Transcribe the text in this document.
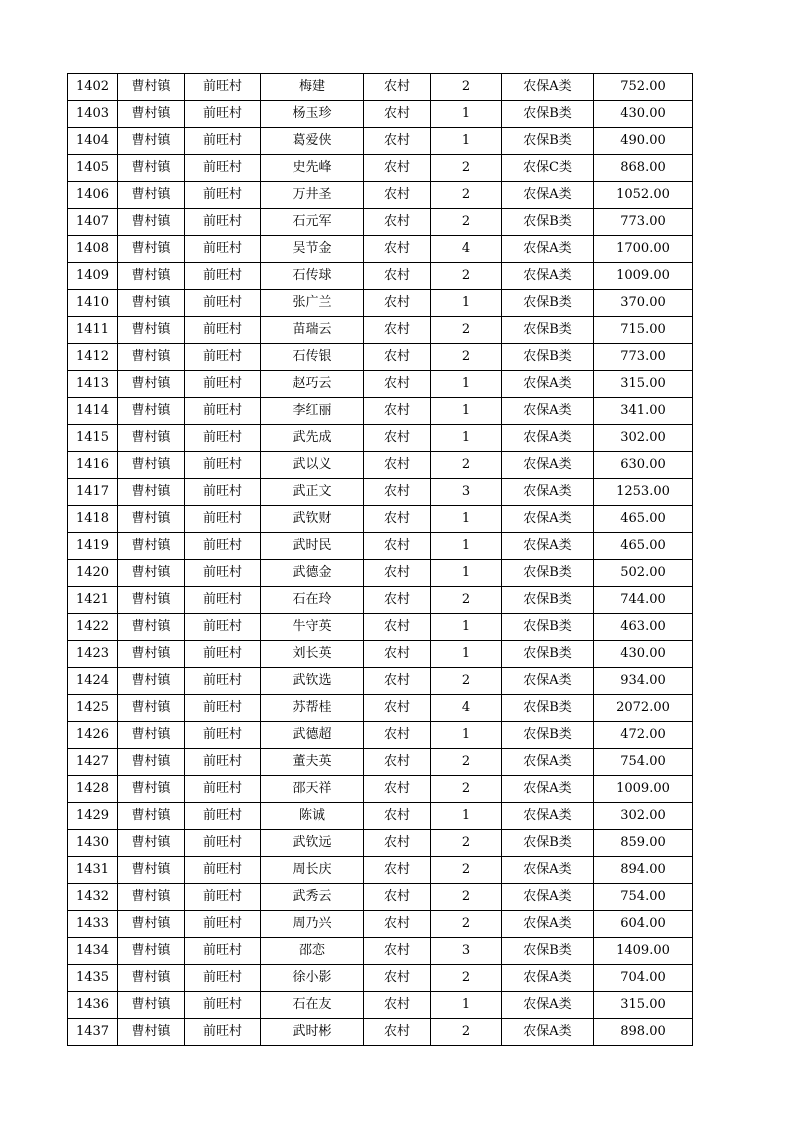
1402	曹村镇	前旺村	梅建	农村	2	农保A类	752.00
1403	曹村镇	前旺村	杨玉珍	农村	1	农保B类	430.00
1404	曹村镇	前旺村	葛爱侠	农村	1	农保B类	490.00
1405	曹村镇	前旺村	史先峰	农村	2	农保C类	868.00
1406	曹村镇	前旺村	万井圣	农村	2	农保A类	1052.00
1407	曹村镇	前旺村	石元军	农村	2	农保B类	773.00
1408	曹村镇	前旺村	吴节金	农村	4	农保A类	1700.00
1409	曹村镇	前旺村	石传球	农村	2	农保A类	1009.00
1410	曹村镇	前旺村	张广兰	农村	1	农保B类	370.00
1411	曹村镇	前旺村	苗瑞云	农村	2	农保B类	715.00
1412	曹村镇	前旺村	石传银	农村	2	农保B类	773.00
1413	曹村镇	前旺村	赵巧云	农村	1	农保A类	315.00
1414	曹村镇	前旺村	李红丽	农村	1	农保A类	341.00
1415	曹村镇	前旺村	武先成	农村	1	农保A类	302.00
1416	曹村镇	前旺村	武以义	农村	2	农保A类	630.00
1417	曹村镇	前旺村	武正文	农村	3	农保A类	1253.00
1418	曹村镇	前旺村	武钦财	农村	1	农保A类	465.00
1419	曹村镇	前旺村	武时民	农村	1	农保A类	465.00
1420	曹村镇	前旺村	武德金	农村	1	农保B类	502.00
1421	曹村镇	前旺村	石在玲	农村	2	农保B类	744.00
1422	曹村镇	前旺村	牛守英	农村	1	农保B类	463.00
1423	曹村镇	前旺村	刘长英	农村	1	农保B类	430.00
1424	曹村镇	前旺村	武钦选	农村	2	农保A类	934.00
1425	曹村镇	前旺村	苏帮桂	农村	4	农保B类	2072.00
1426	曹村镇	前旺村	武德超	农村	1	农保B类	472.00
1427	曹村镇	前旺村	董夫英	农村	2	农保A类	754.00
1428	曹村镇	前旺村	邵天祥	农村	2	农保A类	1009.00
1429	曹村镇	前旺村	陈诚	农村	1	农保A类	302.00
1430	曹村镇	前旺村	武钦远	农村	2	农保B类	859.00
1431	曹村镇	前旺村	周长庆	农村	2	农保A类	894.00
1432	曹村镇	前旺村	武秀云	农村	2	农保A类	754.00
1433	曹村镇	前旺村	周乃兴	农村	2	农保A类	604.00
1434	曹村镇	前旺村	邵恋	农村	3	农保B类	1409.00
1435	曹村镇	前旺村	徐小影	农村	2	农保A类	704.00
1436	曹村镇	前旺村	石在友	农村	1	农保A类	315.00
1437	曹村镇	前旺村	武时彬	农村	2	农保A类	898.00
